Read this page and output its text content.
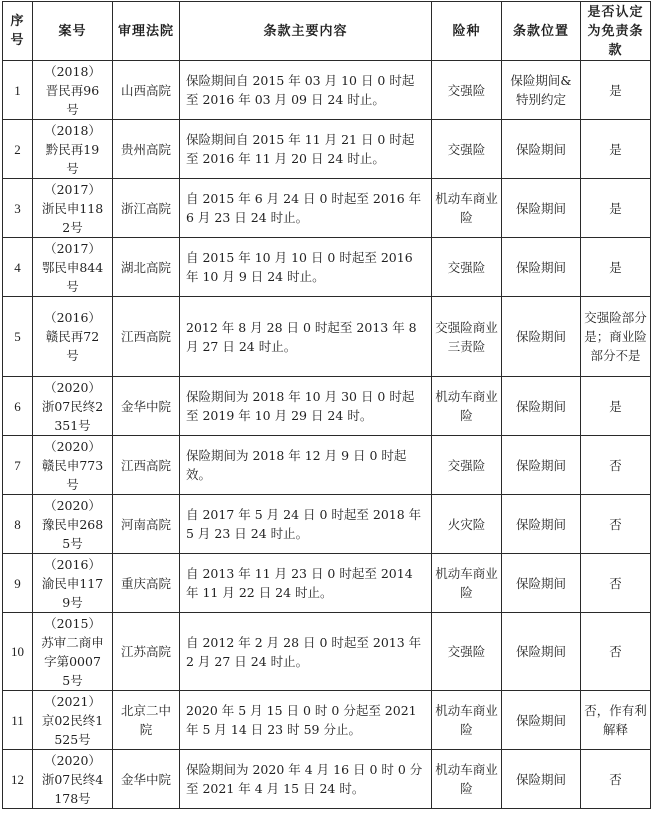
序号	案号	审理法院	条款主要内容	险种	条款位置	是否认定为免责条款
1	（2018）晋民再96号	山西高院	保险期间自 2015 年 03 月 10 日 0 时起至 2016 年 03 月 09 日 24 时止。	交强险	保险期间&特别约定	是
2	（2018）黔民再19号	贵州高院	保险期间自 2015 年 11 月 21 日 0 时起至 2016 年 11 月 20 日 24 时止。	交强险	保险期间	是
3	（2017）浙民申1182号	浙江高院	自 2015 年 6 月 24 日 0 时起至 2016 年 6 月 23 日 24 时止。	机动车商业险	保险期间	是
4	（2017）鄂民申844号	湖北高院	自 2015 年 10 月 10 日 0 时起至 2016 年 10 月 9 日 24 时止。	交强险	保险期间	是
5	（2016）赣民再72号	江西高院	2012 年 8 月 28 日 0 时起至 2013 年 8 月 27 日 24 时止。	交强险商业三责险	保险期间	交强险部分是；商业险部分不是
6	（2020）浙07民终2351号	金华中院	保险期间为 2018 年 10 月 30 日 0 时起至 2019 年 10 月 29 日 24 时。	机动车商业险	保险期间	是
7	（2020）赣民申773号	江西高院	保险期间为 2018 年 12 月 9 日 0 时起效。	交强险	保险期间	否
8	（2020）豫民申2685号	河南高院	自 2017 年 5 月 24 日 0 时起至 2018 年 5 月 23 日 24 时止。	火灾险	保险期间	否
9	（2016）渝民申1179号	重庆高院	自 2013 年 11 月 23 日 0 时起至 2014 年 11 月 22 日 24 时止。	机动车商业险	保险期间	否
10	（2015）苏审二商申字第00075号	江苏高院	自 2012 年 2 月 28 日 0 时起至 2013 年 2 月 27 日 24 时止。	交强险	保险期间	否
11	（2021）京02民终1525号	北京二中院	2020 年 5 月 15 日 0 时 0 分起至 2021 年 5 月 14 日 23 时 59 分止。	机动车商业险	保险期间	否，作有利解释
12	（2020）浙07民终4178号	金华中院	保险期间为 2020 年 4 月 16 日 0 时 0 分至 2021 年 4 月 15 日 24 时。	机动车商业险	保险期间	否
